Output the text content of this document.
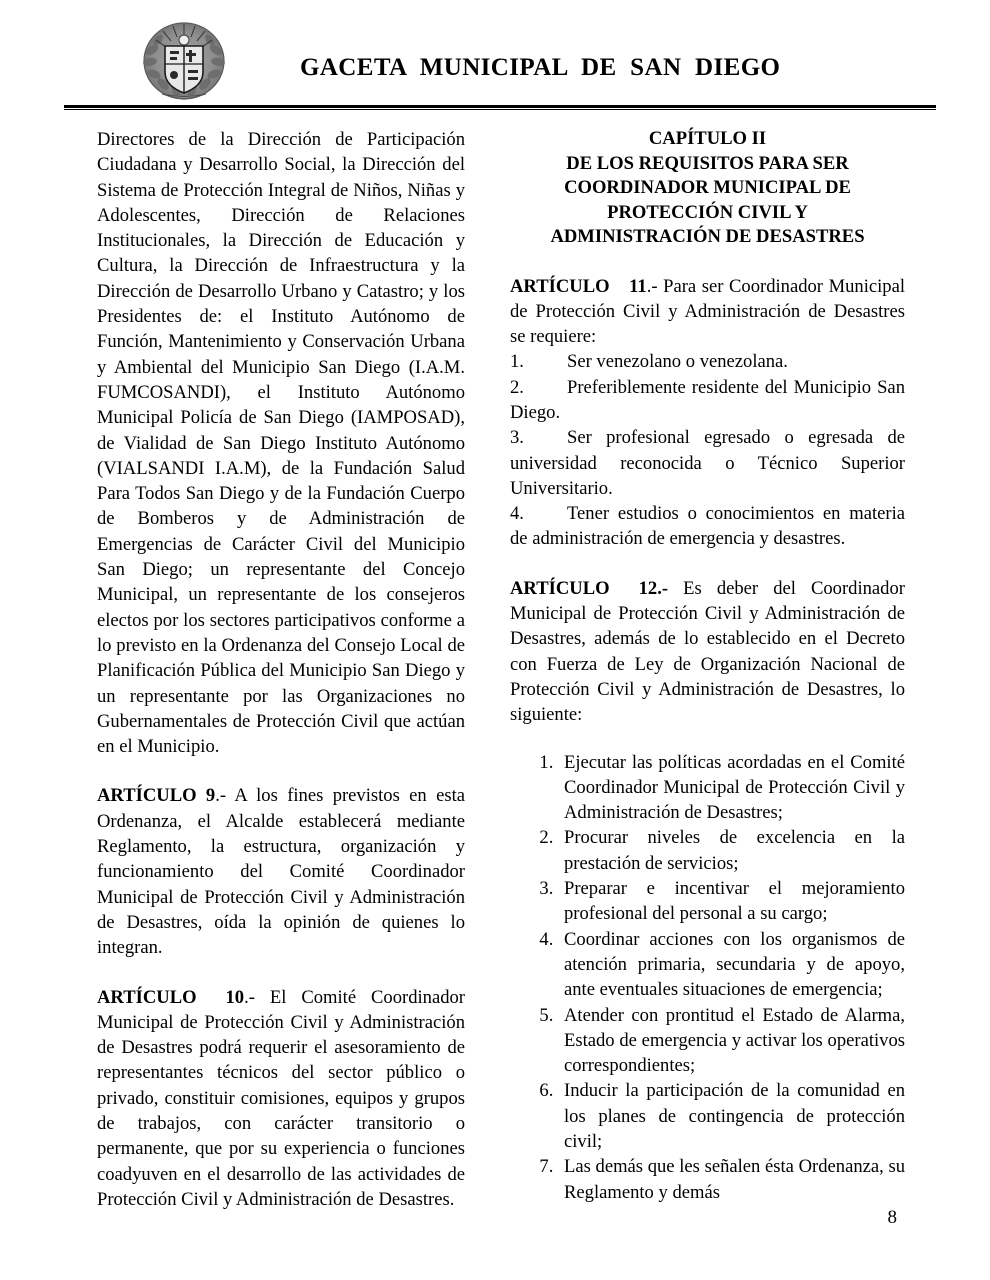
GACETA MUNICIPAL DE SAN DIEGO

Directores de la Dirección de Participación Ciudadana y Desarrollo Social, la Dirección del Sistema de Protección Integral de Niños, Niñas y Adolescentes, Dirección de Relaciones Institucionales, la Dirección de Educación y Cultura, la Dirección de Infraestructura y la Dirección de Desarrollo Urbano y Catastro; y los Presidentes de: el Instituto Autónomo de Función, Mantenimiento y Conservación Urbana y Ambiental del Municipio San Diego (I.A.M. FUMCOSANDI), el Instituto Autónomo Municipal Policía de San Diego (IAMPOSAD), de Vialidad de San Diego Instituto Autónomo (VIALSANDI I.A.M), de la Fundación Salud Para Todos San Diego y de la Fundación Cuerpo de Bomberos y de Administración de Emergencias de Carácter Civil del Municipio San Diego; un representante del Concejo Municipal, un representante de los consejeros electos por los sectores participativos conforme a lo previsto en la Ordenanza del Consejo Local de Planificación Pública del Municipio San Diego y un representante por las Organizaciones no Gubernamentales de Protección Civil que actúan en el Municipio.

ARTÍCULO 9.- A los fines previstos en esta Ordenanza, el Alcalde establecerá mediante Reglamento, la estructura, organización y funcionamiento del Comité Coordinador Municipal de Protección Civil y Administración de Desastres, oída la opinión de quienes lo integran.

ARTÍCULO 10.- El Comité Coordinador Municipal de Protección Civil y Administración de Desastres podrá requerir el asesoramiento de representantes técnicos del sector público o privado, constituir comisiones, equipos y grupos de trabajos, con carácter transitorio o permanente, que por su experiencia o funciones coadyuven en el desarrollo de las actividades de Protección Civil y Administración de Desastres.

CAPÍTULO II
DE LOS REQUISITOS PARA SER
COORDINADOR MUNICIPAL DE
PROTECCIÓN CIVIL Y
ADMINISTRACIÓN DE DESASTRES

ARTÍCULO 11.- Para ser Coordinador Municipal de Protección Civil y Administración de Desastres se requiere:

1. Ser venezolano o venezolana.

2. Preferiblemente residente del Municipio San Diego.

3. Ser profesional egresado o egresada de universidad reconocida o Técnico Superior Universitario.

4. Tener estudios o conocimientos en materia de administración de emergencia y desastres.

ARTÍCULO 12.- Es deber del Coordinador Municipal de Protección Civil y Administración de Desastres, además de lo establecido en el Decreto con Fuerza de Ley de Organización Nacional de Protección Civil y Administración de Desastres, lo siguiente:

1. Ejecutar las políticas acordadas en el Comité Coordinador Municipal de Protección Civil y Administración de Desastres;
2. Procurar niveles de excelencia en la prestación de servicios;
3. Preparar e incentivar el mejoramiento profesional del personal a su cargo;
4. Coordinar acciones con los organismos de atención primaria, secundaria y de apoyo, ante eventuales situaciones de emergencia;
5. Atender con prontitud el Estado de Alarma, Estado de emergencia y activar los operativos correspondientes;
6. Inducir la participación de la comunidad en los planes de contingencia de protección civil;
7. Las demás que les señalen ésta Ordenanza, su Reglamento y demás
8
